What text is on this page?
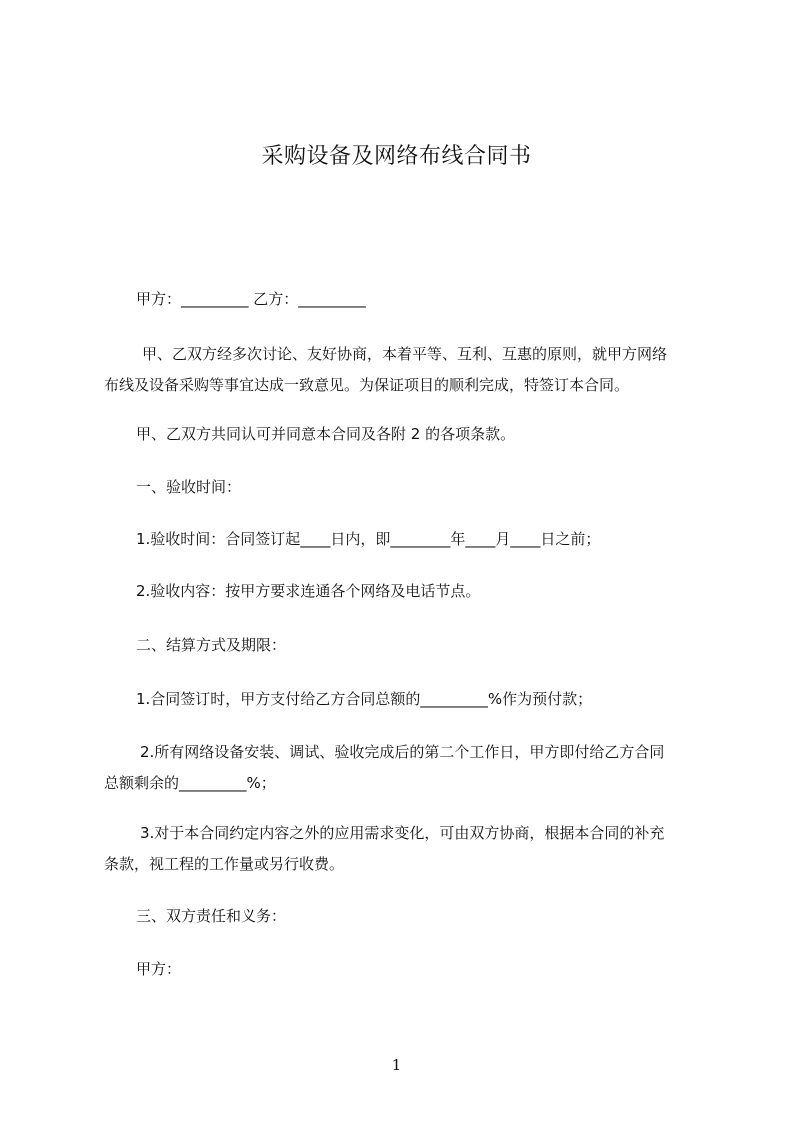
采购设备及网络布线合同书
甲方：_________ 乙方：_________
甲、乙双方经多次讨论、友好协商，本着平等、互利、互惠的原则，就甲方网络
布线及设备采购等事宜达成一致意见。为保证项目的顺利完成，特签订本合同。
甲、乙双方共同认可并同意本合同及各附 2 的各项条款。
一、验收时间：
1.验收时间：合同签订起____日内，即________年____月____日之前；
2.验收内容：按甲方要求连通各个网络及电话节点。
二、结算方式及期限：
1.合同签订时，甲方支付给乙方合同总额的_________%作为预付款；
2.所有网络设备安装、调试、验收完成后的第二个工作日，甲方即付给乙方合同
总额剩余的_________%；
3.对于本合同约定内容之外的应用需求变化，可由双方协商，根据本合同的补充
条款，视工程的工作量或另行收费。
三、双方责任和义务：
甲方：
1
